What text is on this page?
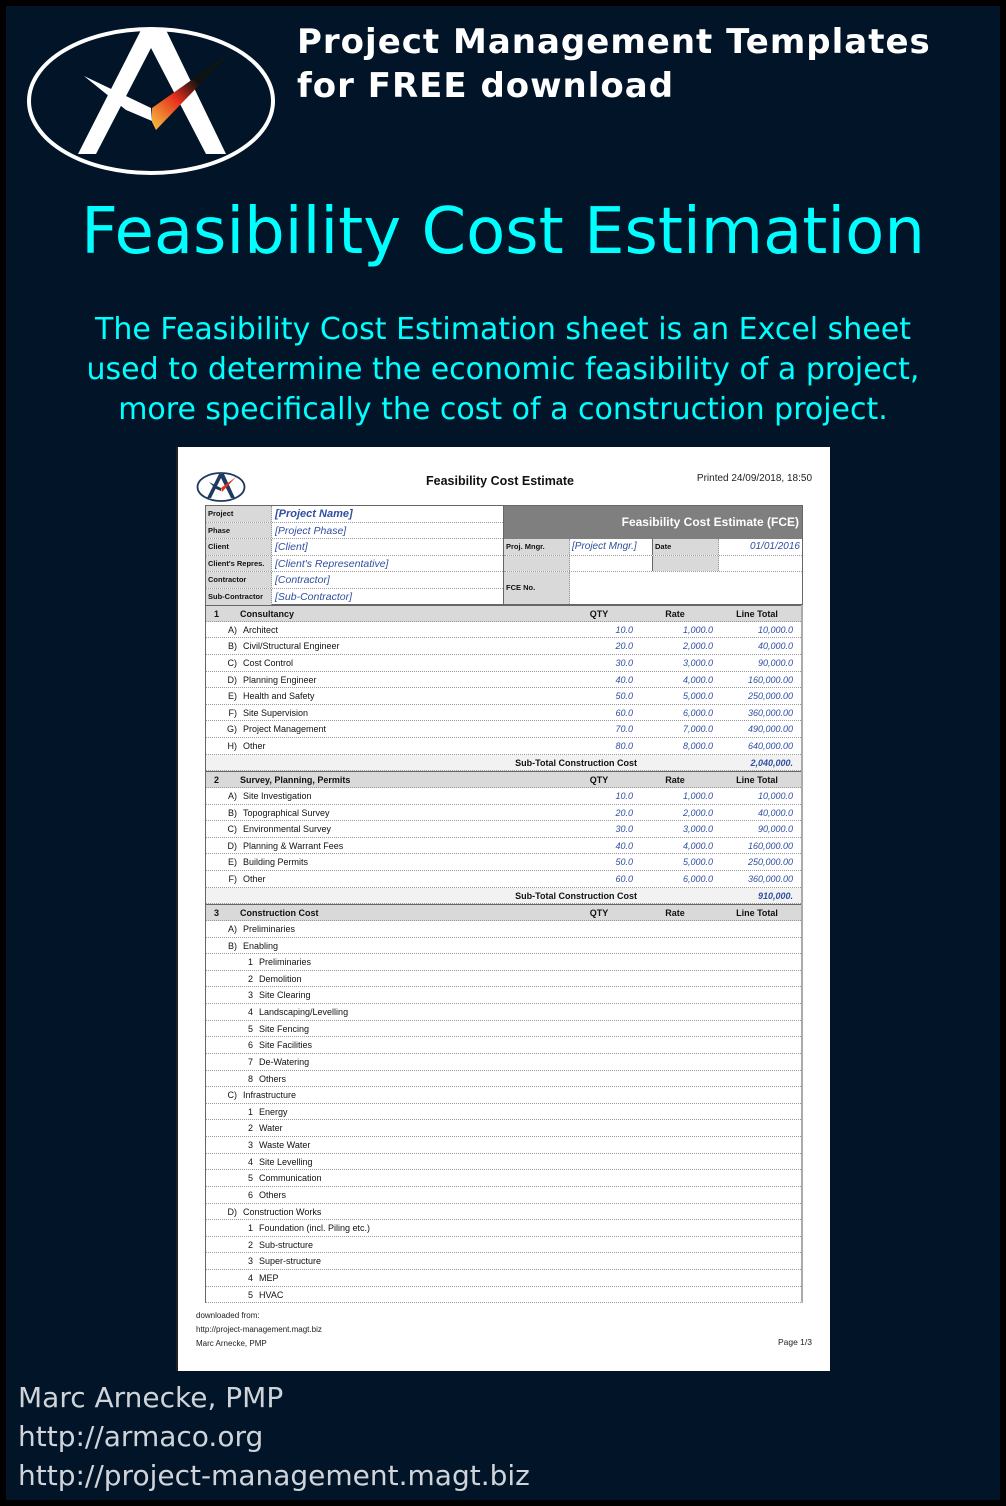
Project Management Templates
for FREE download
Feasibility Cost Estimation
The Feasibility Cost Estimation sheet is an Excel sheet
used to determine the economic feasibility of a project,
more specifically the cost of a construction project.
Feasibility Cost Estimate	Printed 24/09/2018, 18:50
Project	[Project Name]
Phase	[Project Phase]
Client	[Client]
Client's Repres.	[Client's Representative]
Contractor	[Contractor]
Sub-Contractor	[Sub-Contractor]
Feasibility Cost Estimate (FCE)
Proj. Mngr.	[Project Mngr.]	Date	01/01/2016
FCE No.
1	Consultancy	QTY	Rate	Line Total
A) Architect	10.0	1,000.0	10,000.0
B) Civil/Structural Engineer	20.0	2,000.0	40,000.0
C) Cost Control	30.0	3,000.0	90,000.0
D) Planning Engineer	40.0	4,000.0	160,000.00
E) Health and Safety	50.0	5,000.0	250,000.00
F) Site Supervision	60.0	6,000.0	360,000.00
G) Project Management	70.0	7,000.0	490,000.00
H) Other	80.0	8,000.0	640,000.00
Sub-Total Construction Cost	2,040,000.
2	Survey, Planning, Permits	QTY	Rate	Line Total
A) Site Investigation	10.0	1,000.0	10,000.0
B) Topographical Survey	20.0	2,000.0	40,000.0
C) Environmental Survey	30.0	3,000.0	90,000.0
D) Planning & Warrant Fees	40.0	4,000.0	160,000.00
E) Building Permits	50.0	5,000.0	250,000.00
F) Other	60.0	6,000.0	360,000.00
Sub-Total Construction Cost	910,000.
3	Construction Cost	QTY	Rate	Line Total
A) Preliminaries
B) Enabling
1 Preliminaries
2 Demolition
3 Site Clearing
4 Landscaping/Levelling
5 Site Fencing
6 Site Facilities
7 De-Watering
8 Others
C) Infrastructure
1 Energy
2 Water
3 Waste Water
4 Site Levelling
5 Communication
6 Others
D) Construction Works
1 Foundation (incl. Piling etc.)
2 Sub-structure
3 Super-structure
4 MEP
5 HVAC
downloaded from:
http://project-management.magt.biz
Marc Arnecke, PMP	Page 1/3
Marc Arnecke, PMP
http://armaco.org
http://project-management.magt.biz
